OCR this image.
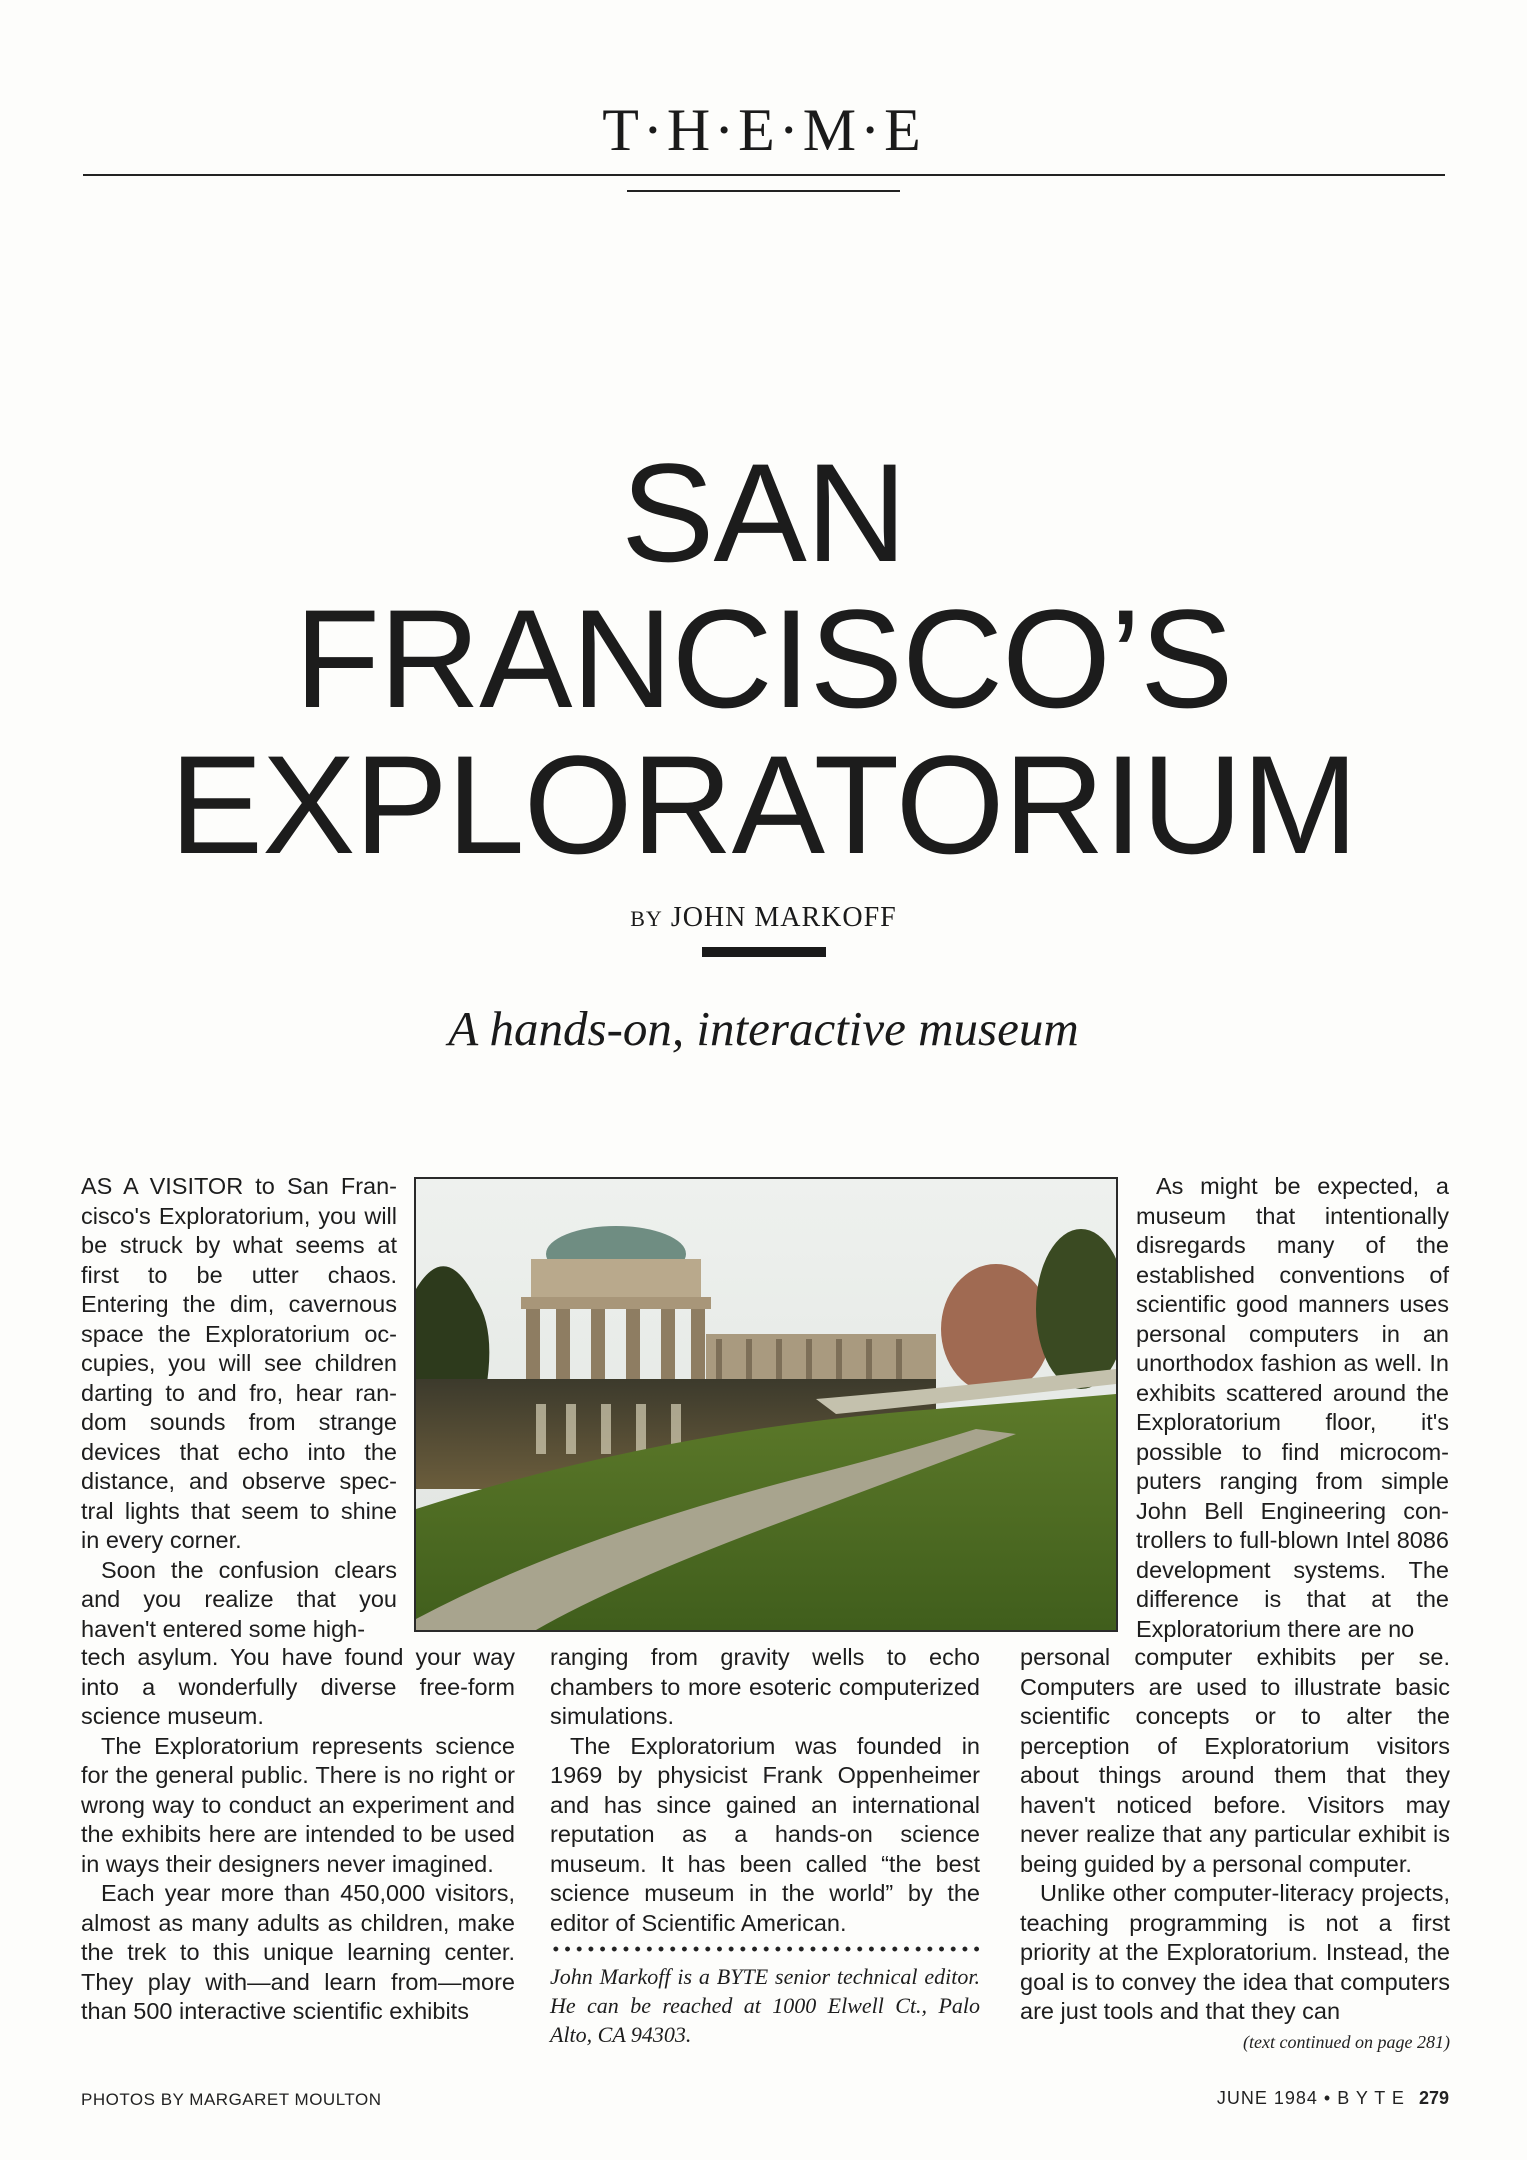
T·H·E·M·E
SAN
FRANCISCO’S
EXPLORATORIUM
BY JOHN MARKOFF
A hands-on, interactive museum

AS A VISITOR to San Francisco's Exploratorium, you will be struck by what seems at first to be utter chaos. Entering the dim, cavernous space the Exploratorium occupies, you will see children darting to and fro, hear random sounds from strange devices that echo into the distance, and observe spectral lights that seem to shine in every corner.

Soon the confusion clears and you realize that you haven't entered some high-

As might be expected, a museum that intentionally disregards many of the established conventions of scientific good manners uses personal computers in an unorthodox fashion as well. In exhibits scattered around the Exploratorium floor, it's possible to find microcomputers ranging from simple John Bell Engineering controllers to full-blown Intel 8086 development systems. The difference is that at the Exploratorium there are no

tech asylum. You have found your way into a wonderfully diverse free-form science museum.

The Exploratorium represents science for the general public. There is no right or wrong way to conduct an experiment and the exhibits here are intended to be used in ways their designers never imagined.

Each year more than 450,000 visitors, almost as many adults as children, make the trek to this unique learning center. They play with—and learn from—more than 500 interactive scientific exhibits

ranging from gravity wells to echo chambers to more esoteric computerized simulations.

The Exploratorium was founded in 1969 by physicist Frank Oppenheimer and has since gained an international reputation as a hands-on science museum. It has been called “the best science museum in the world” by the editor of Scientific American.

John Markoff is a BYTE senior technical editor. He can be reached at 1000 Elwell Ct., Palo Alto, CA 94303.

personal computer exhibits per se. Computers are used to illustrate basic scientific concepts or to alter the perception of Exploratorium visitors about things around them that they haven't noticed before. Visitors may never realize that any particular exhibit is being guided by a personal computer.

Unlike other computer-literacy projects, teaching programming is not a first priority at the Exploratorium. Instead, the goal is to convey the idea that computers are just tools and that they can

(text continued on page 281)
PHOTOS BY MARGARET MOULTON	JUNE 1984 • B Y T E 279
